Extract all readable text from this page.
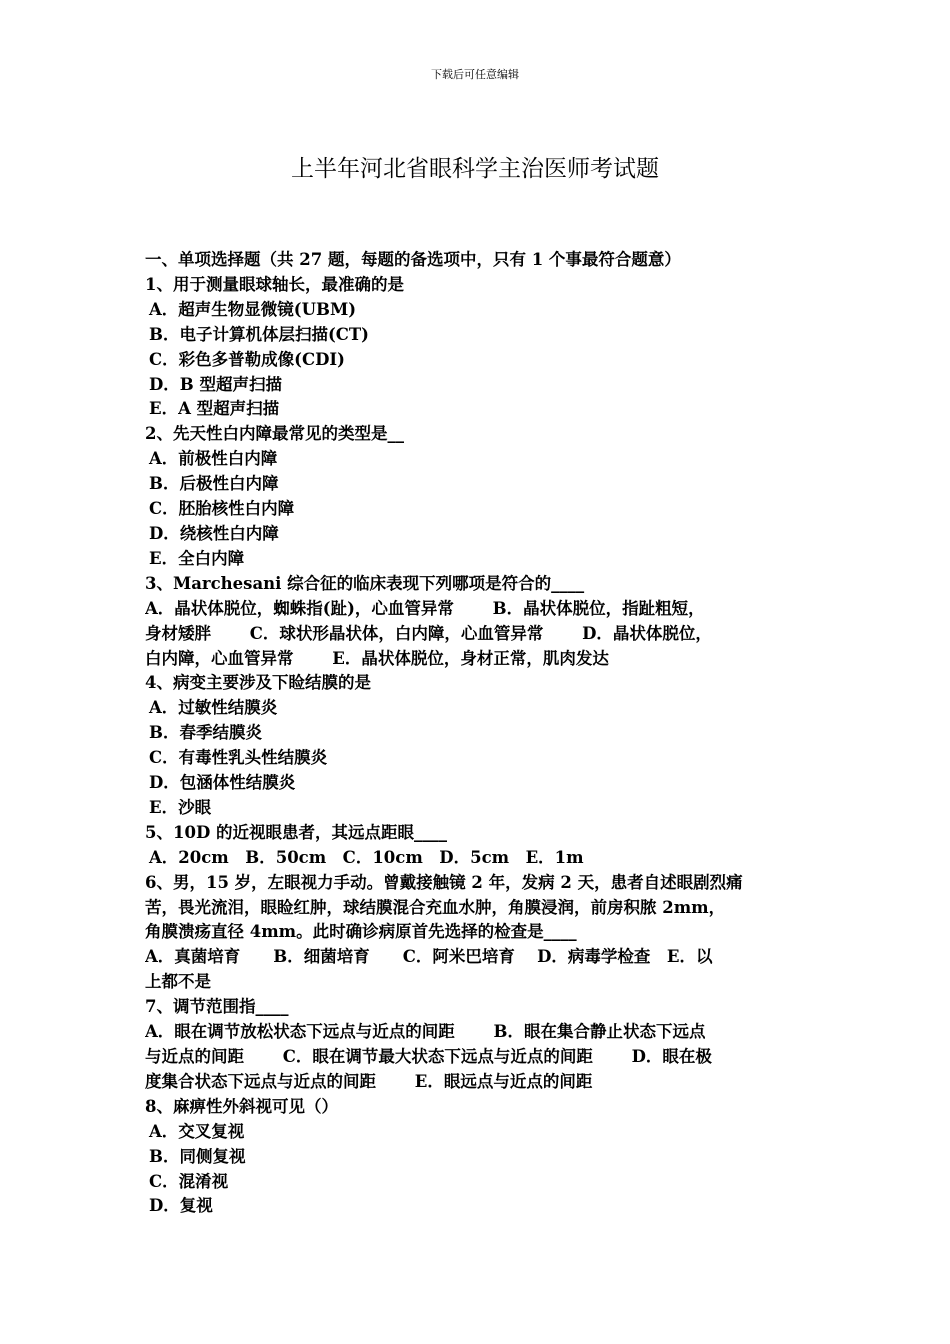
下载后可任意编辑
上半年河北省眼科学主治医师考试题
一、单项选择题（共 27 题，每题的备选项中，只有 1 个事最符合题意）
1、用于测量眼球轴长，最准确的是
A．超声生物显微镜(UBM)
B．电子计算机体层扫描(CT)
C．彩色多普勒成像(CDI)
D．B 型超声扫描
E．A 型超声扫描
2、先天性白内障最常见的类型是__
A．前极性白内障
B．后极性白内障
C．胚胎核性白内障
D．绕核性白内障
E．全白内障
3、Marchesani 综合征的临床表现下列哪项是符合的____
A．晶状体脱位，蜘蛛指(趾)，心血管异常　　 B．晶状体脱位，指趾粗短，
身材矮胖　　 C．球状形晶状体，白内障，心血管异常　　 D．晶状体脱位，
白内障，心血管异常　　 E．晶状体脱位，身材正常，肌肉发达
4、病变主要涉及下睑结膜的是
A．过敏性结膜炎
B．春季结膜炎
C．有毒性乳头性结膜炎
D．包涵体性结膜炎
E．沙眼
5、10D 的近视眼患者，其远点距眼____
A．20cm　B．50cm　C．10cm　D．5cm　E．1m
6、男，15 岁，左眼视力手动。曾戴接触镜 2 年，发病 2 天，患者自述眼剧烈痛
苦，畏光流泪，眼睑红肿，球结膜混合充血水肿，角膜浸润，前房积脓 2mm，
角膜溃疡直径 4mm。此时确诊病原首先选择的检查是____
A．真菌培育　　B．细菌培育　　C．阿米巴培育　 D．病毒学检查　E．以
上都不是
7、调节范围指____
A．眼在调节放松状态下远点与近点的间距　　 B．眼在集合静止状态下远点
与近点的间距　　 C．眼在调节最大状态下远点与近点的间距　　 D．眼在极
度集合状态下远点与近点的间距　　 E．眼远点与近点的间距
8、麻痹性外斜视可见（）
A．交叉复视
B．同侧复视
C．混淆视
D．复视
